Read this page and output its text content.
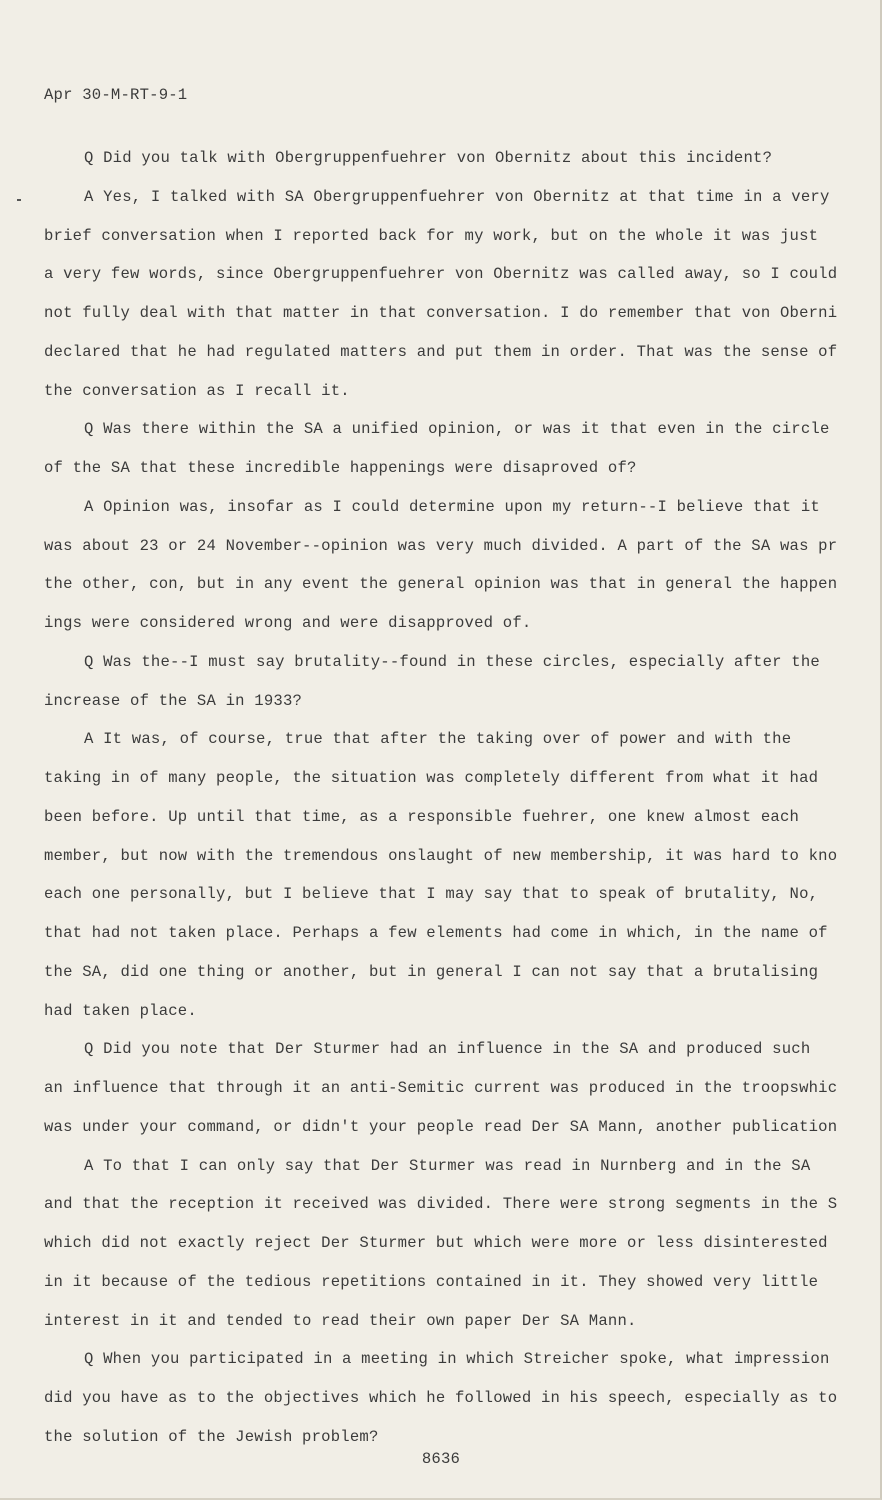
Apr 30-M-RT-9-1
Q Did you talk with Obergruppenfuehrer von Obernitz about this incident?
A Yes, I talked with SA Obergruppenfuehrer von Obernitz at that time in a very
brief conversation when I reported back for my work, but on the whole it was just
a very few words, since Obergruppenfuehrer von Obernitz was called away, so I could
not fully deal with that matter in that conversation. I do remember that von Oberni
declared that he had regulated matters and put them in order. That was the sense of
the conversation as I recall it.
Q Was there within the SA a unified opinion, or was it that even in the circle
of the SA that these incredible happenings were disaproved of?
A Opinion was, insofar as I could determine upon my return--I believe that it
was about 23 or 24 November--opinion was very much divided. A part of the SA was pr
the other, con, but in any event the general opinion was that in general the happen
ings were considered wrong and were disapproved of.
Q Was the--I must say brutality--found in these circles, especially after the
increase of the SA in 1933?
A It was, of course, true that after the taking over of power and with the
taking in of many people, the situation was completely different from what it had
been before. Up until that time, as a responsible fuehrer, one knew almost each
member, but now with the tremendous onslaught of new membership, it was hard to kno
each one personally, but I believe that I may say that to speak of brutality, No,
that had not taken place. Perhaps a few elements had come in which, in the name of
the SA, did one thing or another, but in general I can not say that a brutalising
had taken place.
Q Did you note that Der Sturmer had an influence in the SA and produced such
an influence that through it an anti-Semitic current was produced in the troopswhic
was under your command, or didn't your people read Der SA Mann, another publication
A To that I can only say that Der Sturmer was read in Nurnberg and in the SA
and that the reception it received was divided. There were strong segments in the S
which did not exactly reject Der Sturmer but which were more or less disinterested
in it because of the tedious repetitions contained in it. They showed very little
interest in it and tended to read their own paper Der SA Mann.
Q When you participated in a meeting in which Streicher spoke, what impression
did you have as to the objectives which he followed in his speech, especially as to
the solution of the Jewish problem?
8636
